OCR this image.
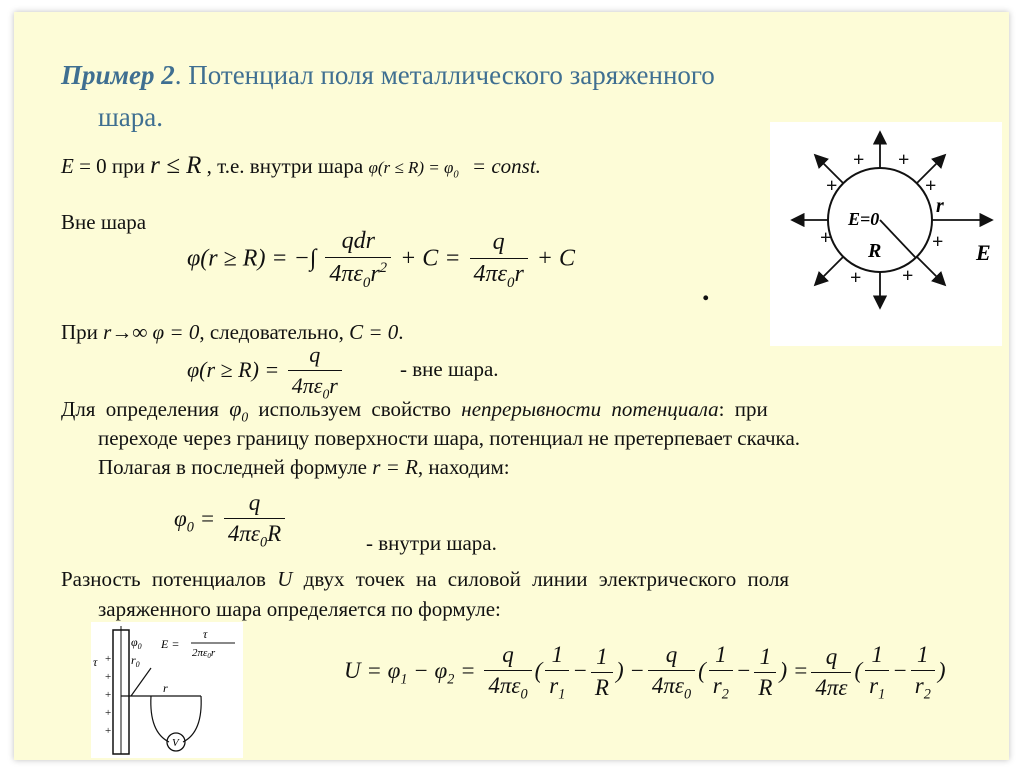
Пример 2. Потенциал поля металлического заряженного
шара.
E = 0 при r ≤ R , т.е. внутри шара $\varphi(r \le R) = \varphi_0$ = const.
Вне шара
φ(r ≥ R) = −∫ $\frac{\text{qdr}}{4\pi\varepsilon_0r^2} + C = \frac{q}{4\pi\varepsilon_0r} + C$
.
При r→∞ φ = 0, следовательно, C = 0.
$\varphi(r \ge R) = \frac{q}{4\pi\varepsilon_0r}$	- вне шара.
Для определения $\varphi_0$ используем свойство непрерывности потенциала: при
переходе через границу поверхности шара, потенциал не претерпевает скачка.
Полагая в последней формуле r = R, находим:
$\varphi_0 = \frac{q}{4\pi\varepsilon_0R}$	- внутри шара.
Разность потенциалов U двух точек на силовой линии электрического поля
заряженного шара определяется по формуле:
$U = \varphi_1 - \varphi_2 = \frac{q}{4\pi\varepsilon_0}$ ( $\frac{1}{r_1} - \frac{1}{R}$ ) − $\frac{q}{4\pi\varepsilon_0}$ ( $\frac{1}{r_2} - \frac{1}{R}$ ) = $\frac{q}{4\pi\varepsilon}$ ( $\frac{1}{r_1} - \frac{1}{r_2}$ )
+ +
+	+
+	+
+ +
E=0
r
R	E
V
+
+
+
+
+
τ
$\varphi_0$
$r_0$
r
E =
τ
2πε0r
